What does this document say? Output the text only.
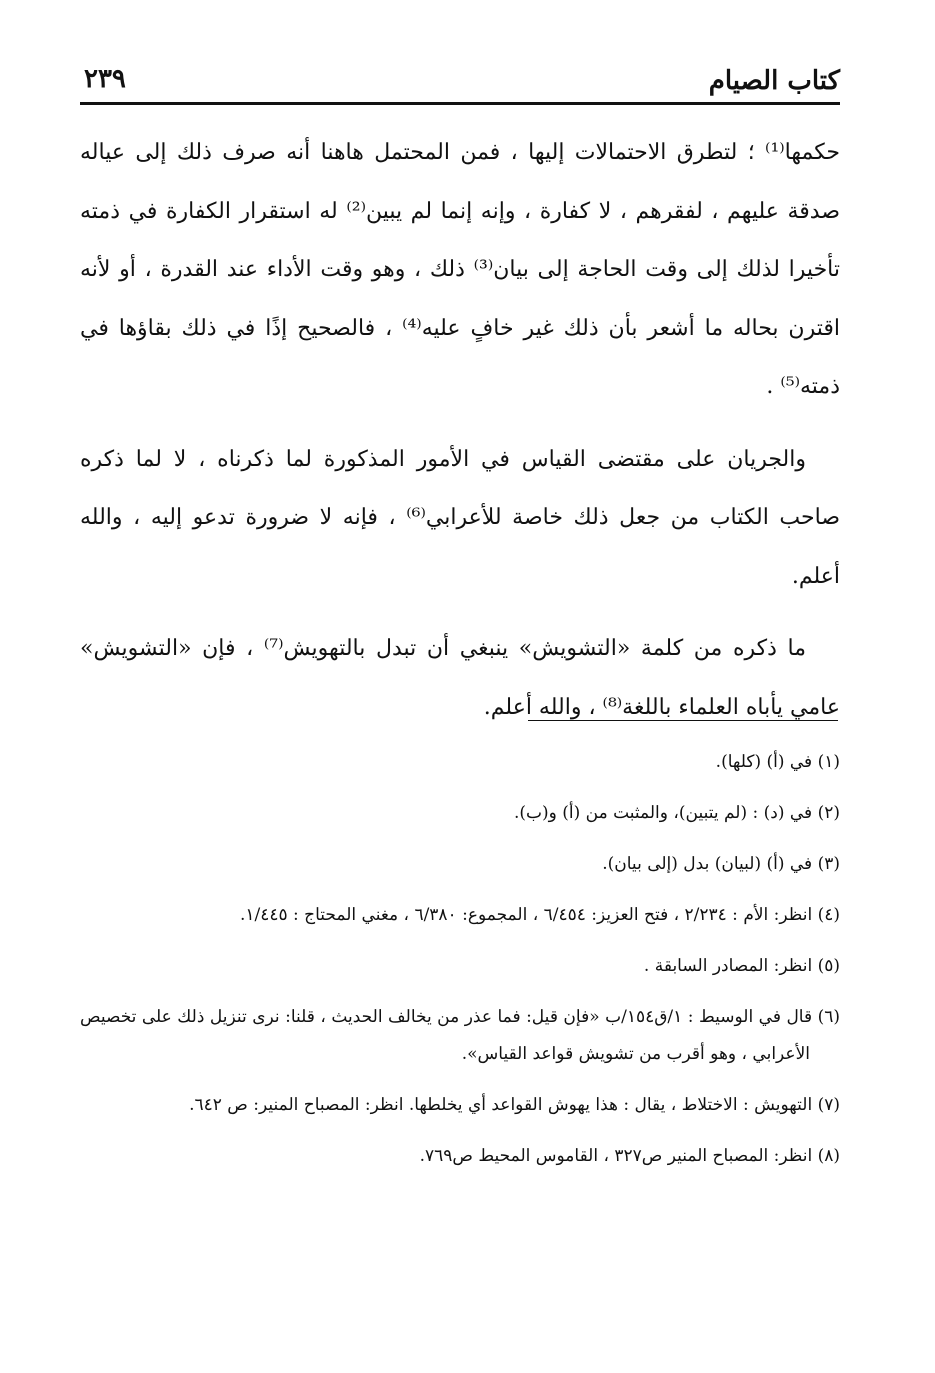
٢٣٩	كتاب الصيام

حكمها⁽¹⁾ ؛ لتطرق الاحتمالات إليها ، فمن المحتمل هاهنا أنه صرف ذلك إلى عياله صدقة عليهم ، لفقرهم ، لا كفارة ، وإنه إنما لم يبين⁽²⁾ له استقرار الكفارة في ذمته تأخيرا لذلك إلى وقت الحاجة إلى بيان⁽³⁾ ذلك ، وهو وقت الأداء عند القدرة ، أو لأنه اقترن بحاله ما أشعر بأن ذلك غير خافٍ عليه⁽⁴⁾ ، فالصحيح إذًا في ذلك بقاؤها في ذمته⁽⁵⁾ .

والجريان على مقتضى القياس في الأمور المذكورة لما ذكرناه ، لا لما ذكره صاحب الكتاب من جعل ذلك خاصة للأعرابي⁽⁶⁾ ، فإنه لا ضرورة تدعو إليه ، والله أعلم.

ما ذكره من كلمة «التشويش» ينبغي أن تبدل بالتهويش⁽⁷⁾ ، فإن «التشويش» عامي يأباه العلماء باللغة⁽⁸⁾ ، والله أعلم.

(١) في (أ) (كلها).

(٢) في (د) : (لم يتبين)، والمثبت من (أ) و(ب).

(٣) في (أ) (لبيان) بدل (إلى بيان).

(٤) انظر: الأم : ٢/٢٣٤ ، فتح العزيز: ٦/٤٥٤ ، المجموع: ٦/٣٨٠ ، مغني المحتاج : ١/٤٤٥.

(٥) انظر: المصادر السابقة .

(٦) قال في الوسيط : ١/ق١٥٤/ب «فإن قيل: فما عذر من يخالف الحديث ، قلنا: نرى تنزيل ذلك على تخصيص الأعرابي ، وهو أقرب من تشويش قواعد القياس».

(٧) التهويش : الاختلاط ، يقال : هذا يهوش القواعد أي يخلطها. انظر: المصباح المنير: ص ٦٤٢.

(٨) انظر: المصباح المنير ص٣٢٧ ، القاموس المحيط ص٧٦٩.
